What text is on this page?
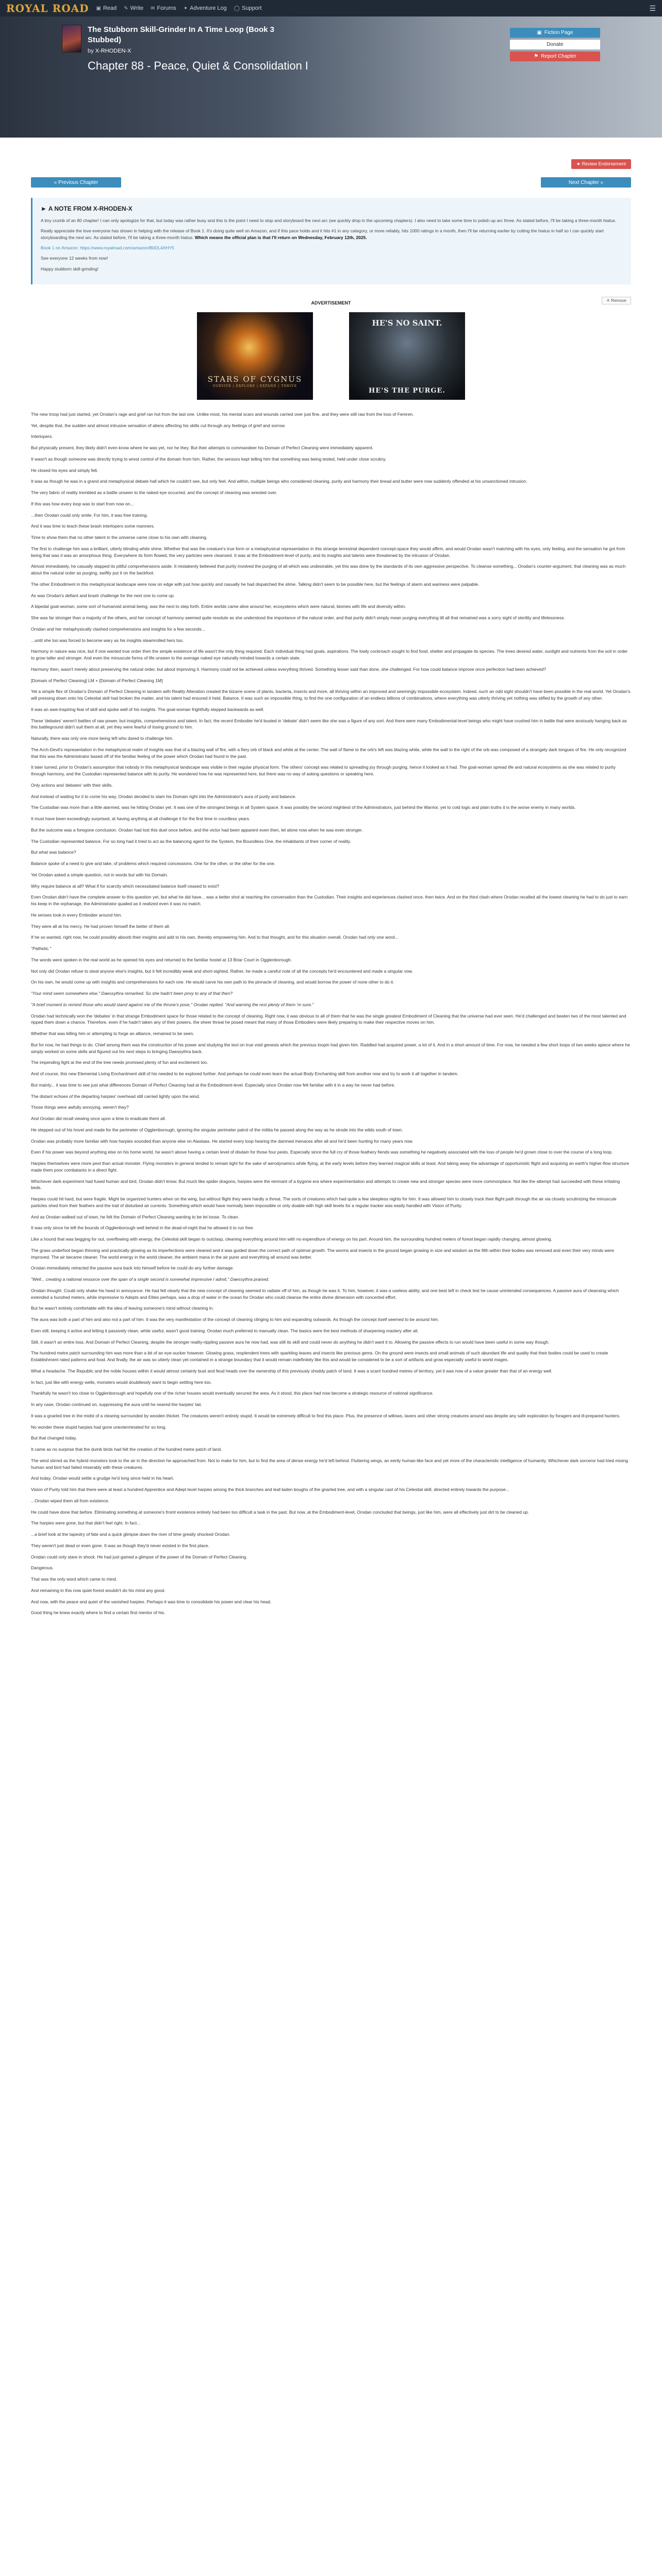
ROYAL ROAD ▣ Read ✎ Write ✉ Forums ✦ Adventure Log ◯ Support	☰
The Stubborn Skill-Grinder In A Time Loop (Book 3 Stubbed)
by X-RHODEN-X
Chapter 88 - Peace, Quiet & Consolidation I
▣ Fiction Page
Donate
⚑ Report Chapter
★ Review Endorsement
« Previous Chapter	Next Chapter »
► A NOTE FROM X-RHODEN-X

A tiny crumb of an 80 chapter! I can only apologize for that, but today was rather busy and this is the point I need to stop and storyboard the next arc (we quickly drop in the upcoming chapters). I also need to take some time to polish up arc three. As stated before, I'll be taking a three-month hiatus.

Really appreciate the love everyone has shown in helping with the release of Book 1. It's doing quite well on Amazon, and if this pace holds and it hits #1 in any category, or more reliably, hits 1000 ratings in a month, then I'll be returning earlier by cutting the hiatus in half so I can quickly start storyboarding the next arc. As stated before, I'll be taking a three-month hiatus. Which means the official plan is that I'll return on Wednesday, February 12th, 2025.

Book 1 on Amazon: https://www.royalroad.com/amazon/B0DL4XHY5

See everyone 12 weeks from now!

Happy stubborn skill-grinding!

ADVERTISEMENT	✕ Remove
STARS OF CYGNUS
SURVIVE | EXPLORE | EXPAND | THRIVE
HE'S NO SAINT.
HE'S THE PURGE.

The new troop had just started, yet Orodan's rage and grief ran hot from the last one. Unlike most, his mental scars and wounds carried over just fine, and they were still raw from the loss of Femren.

Yet, despite that, the sudden and almost intrusive sensation of aliens affecting his skills cut through any feelings of grief and sorrow.

Interlopers.

But physically present, they likely didn't even know where he was yet, nor he they. But their attempts to commandeer his Domain of Perfect Cleaning were immediately apparent.

It wasn't as though someone was directly trying to wrest control of the domain from him. Rather, the sensors kept telling him that something was being tested, held under close scrutiny.

He closed his eyes and simply felt.

It was as though he was in a grand and metaphysical debate hall which he couldn't see, but only feel. And within, multiple beings who considered cleaning, purity and harmony their bread and butter were now suddenly offended at his unsanctioned intrusion.

The very fabric of reality trembled as a battle unseen to the naked eye occurred, and the concept of cleaning was wrested over.

If this was how every loop was to start from now on...

...then Orodan could only smile. For him, it was free training.

And it was time to teach these brash interlopers some manners.

Time to show them that no other talent in the universe came close to his own with cleaning.

The first to challenge him was a brilliant, utterly blinding white shine. Whether that was the creature's true form or a metaphysical representation in this strange terrestrial dependent concept-space they would affirm, and would Orodan wasn't matching with his eyes, only feeling, and the sensation he got from being that was it was an amorphous thing. Everywhere its form flowed, the very particles were cleansed. It was at the Embodiment-level of purity, and its insights and talents were threatened by the intrusion of Orodan.

Almost immediately, he casually slapped its pitiful comprehensions aside. It mistakenly believed that purity involved the purging of all which was undesirable, yet this was done by the standards of its own aggressive perspective. To cleanse something... Orodan's counter-argument, that cleaning was as much about the natural order as purging, swiftly put it on the backfoot.

The other Embodiment in this metaphysical landscape were now on edge with just how quickly and casually he had dispatched the slime. Talking didn't seem to be possible here, but the feelings of alarm and wariness were palpable.

As was Orodan's defiant and brash challenge for the next one to come up.

A bipedal goat-woman, some sort of humanoid animal being, was the next to step forth. Entire worlds came alive around her, ecosystems which were natural, biomes with life and diversity within.

She was far stronger than a majority of the others, and her concept of harmony seemed quite resolute as she understood the importance of the natural order, and that purity didn't simply mean purging everything till all that remained was a sorry sight of sterility and lifelessness.

Orodan and her metaphysically clashed comprehensions and insights for a few seconds...

...until she too was forced to become wary as his insights steamrolled hers too.

Harmony in nature was nice, but if one wanted true order then the simple existence of life wasn't the only thing required. Each individual thing had goals, aspirations. The lowly cockroach sought to find food, shelter and propagate its species. The trees desired water, sunlight and nutrients from the soil in order to grow taller and stronger. And even the minuscule forms of life unseen to the average naked eye naturally minded towards a certain state.

Harmony then, wasn't merely about preserving the natural order, but about improving it. Harmony could not be achieved unless everything thrived. Something lesser said than done, she challenged. For how could balance improve once perfection had been achieved?

[Domain of Perfect Cleaning] LM + [Domain of Perfect Cleaning 1M]

Yet a simple flex of Orodan's Domain of Perfect Cleaning in tandem with Reality Alteration created the bizarre scene of plants, bacteria, insects and more, all thriving within an improved and seemingly impossible ecosystem. Indeed, such an odd sight shouldn't have been possible in the real world. Yet Orodan's will pressing down onto his Celestial skill had broken the matter, and his talent had ensured it held. Balance. It was such an impossible thing, to find the one configuration of an endless billions of combinations, where everything was utterly thriving yet nothing was stifled by the growth of any other.

It was an awe-inspiring feat of skill and spoke well of his insights. The goat-woman frightfully stepped backwards as well.

These 'debates' weren't battles of raw power, but insights, comprehensions and talent. In fact, the recent Embodier he'd busted in 'debate' didn't seem like she was a figure of any sort. And there were many Embodimental-level beings who might have crushed him in battle that were anxiously hanging back as this battleground didn't suit them at all, yet they were fearful of losing ground to him.

Naturally, there was only one more being left who dared to challenge him.

The Arch-Devil's representation in the metaphysical realm of insights was that of a blazing wall of fire, with a fiery orb of black and white at the center. The wall of flame to the orb's left was blazing white, while the wall to the right of the orb was composed of a strangely dark tongues of fire. He only recognized that this was the Administrator based off of the familiar feeling of the power which Orodan had found in the past.

It later turned, prior to Orodan's assumption that nobody in this metaphysical landscape was visible in their regular physical form. The others' concept was related to spreading joy through purging, hence it looked as it had. The goat-woman spread life and natural ecosystems as she was related to purity through harmony, and the Custodian represented balance with its purity. He wondered how he was represented here, but there was no way of asking questions or speaking here.

Only actions and 'debates' with their skills.

And instead of waiting for it to come his way, Orodan decided to slam his Domain right into the Administrator's aura of purity and balance.

The Custodian was more than a little alarmed, was he hitting Orodan yet. It was one of the strongest beings in all System space. It was possibly the second mightiest of the Administrators, just behind the Warrior, yet to cold logic and plain truths it is the worse enemy in many worlds.

It must have been exceedingly surprised, at having anything at all challenge it for the first time in countless years.

But the outcome was a foregone conclusion. Orodan had lost this duel once before, and the victor had been apparent even then, let alone now when he was even stronger.

The Custodian represented balance. For so long had it tried to act as the balancing agent for the System, the Boundless One, the inhabitants of their corner of reality.

But what was balance?

Balance spoke of a need to give and take, of problems which required concessions. One for the other, or the other for the one.

Yet Orodan asked a simple question, not in words but with his Domain.

Why require balance at all? What if for scarcity which necessitated balance itself ceased to exist?

Even Orodan didn't have the complete answer to this question yet, but what he did have... was a better shot at reaching the conversation than the Custodian. Their insights and experiences clashed once, then twice. And on the third clash where Orodan recalled all the lowest cleaning he had to do just to earn his keep in the orphanage, the Administrator quailed as it realized even it was no match.

He senses took in every Embodier around him.

They were all at his mercy. He had proven himself the better of them all.

If he so wanted, right now, he could possibly absorb their insights and add to his own, thereby empowering him. And to that thought, and for this situation overall, Orodan had only one word...

"Pathetic."

The words were spoken in the real world as he opened his eyes and returned to the familiar hostel at 13 Briar Court in Ogglenborough.

Not only did Orodan refuse to steal anyone else's insights, but it felt incredibly weak and short-sighted. Rather, he made a careful note of all the concepts he'd encountered and made a singular vow.

On his own, he would come up with insights and comprehensions for each one. He would carve his own path to the pinnacle of cleaning, and would borrow the power of none other to do it.

"Your mind seem somewhere else," Daessythra remarked. So she hadn't been privy to any of that then?

"A brief moment to remind those who would stand against me of the throne's pose," Orodan replied. "And warning the rest plenty of them 'm sure."

Orodan had technically won the 'debates' in that strange Embodiment space for those related to the concept of cleaning. Right now, it was obvious to all of them that he was the single greatest Embodiment of Cleaning that the universe had ever seen. He'd challenged and beaten two of the most talented and ripped them down a chance. Therefore, even if he hadn't taken any of their powers, the sheer threat he posed meant that many of those Embodiers were likely preparing to make their respective moves on him.

Whether that was killing him or attempting to forge an alliance, remained to be seen.

But for now, he had things to do. Chief among them was the construction of his power and studying the text on true void genesis which the previous loopin had given him. Raddled had acquired power, a lot of it. And in a short amount of time. For now, he needed a few short loops of two weeks apiece where he simply worked on some skills and figured out his next steps to bringing Daessythra back.

The impending fight at the end of the tree needs promised plenty of fun and excitement too.

And of course, this new Elemental Living Enchantment skill of his needed to be explored further. And perhaps he could even learn the actual Body Enchanting skill from another now and try to work it all together in tandem.

But mainly... it was time to see just what differences Domain of Perfect Cleaning had at the Embodiment-level. Especially since Orodan now felt familiar with it in a way he never had before.

The distant echoes of the departing harpies' overhead still carried lightly upon the wind.

Those things were awfully annoying, weren't they?

And Orodan did recall viewing once upon a time to eradicate them all.

He stepped out of his hovel and made for the perimeter of Ogglenborough, ignoring the singular perimeter patrol of the militia he passed along the way as he strode into the wilds south of town.

Orodan was probably more familiar with how harpies sounded than anyone else on Alastaas. He started every loop hearing the damned menaces after all and he'd been hunting for many years now.

Even if his power was beyond anything else on his home world, he wasn't above having a certain level of disdain for those four pests. Especially since the full cry of those feathery fiends was something he negatively associated with the loss of people he'd grown close to over the course of a long loop.

Harpies themselves were more pest than actual monster. Flying monsters in general tended to remain light for the sake of aerodynamics while flying, at the early levels before they learned magical skills at least. And taking away the advantage of opportunistic flight and acquiring an earth's higher-flow structure made them poor combatants in a direct fight.

Whichever dark experiment had fused human and bird, Orodan didn't know. But much like spider dragons, harpies were the remnant of a bygone era where experimentation and attempts to create new and stronger species were more commonplace. Not like the attempt had succeeded with these irritating beds.

Harpies could hit hard, but were fragile. Might be organized hunters when on the wing, but without flight they were hardly a threat. The sorts of creatures which had quite a few sleepless nights for him. It was allowed him to closely track their flight path through the air via closely scrutinizing the minuscule particles shed from their feathers and the trail of disturbed air currents. Something which would have normally been impossible or only doable with high skill levels for a regular tracker was easily handled with Vision of Purity.

And as Orodan walked out of town, he felt the Domain of Perfect Cleaning wanting to be let loose. To clean.

It was only since he left the bounds of Ogglenborough well behind in the dead-of-night that he allowed it to run free.

Like a hound that was begging for out, overflowing with energy, the Celestial skill began to outclasp, cleaning everything around him with no expenditure of energy on his part. Around him, the surrounding hundred meters of forest began rapidly changing, almost glowing.

The grass underfoot began thinning and practically glowing as its imperfections were cleaned and it was guided down the correct path of optimal growth. The worms and insects in the ground began growing in size and wisdom as the filth within their bodies was removed and even their very minds were improved. The air became cleaner. The world energy in the world cleaner, the ambient mana in the air purer and everything all around was better.

Orodan immediately retracted the passive aura back into himself before he could do any further damage.

"Well... creating a national resource over the span of a single second is somewhat impressive I admit," Daessythra praised.

Orodan thought. Could only shake his head in annoyance. He had felt clearly that the new concept of cleaning seemed to radiate off of him, as though he was it. To him, however, it was a useless ability, and one best left in check lest he cause unintended consequences. A passive aura of cleansing which extended a hundred meters, while impressive to Adepts and Elites perhaps, was a drop of water in the ocean for Orodan who could cleanse the entire divine dimension with concerted effort.

But he wasn't entirely comfortable with the idea of leaving someone's mind without cleaning in.

The aura was both a part of him and also not a part of him. It was the very manifestation of the concept of cleaning clinging to him and expanding outwards. As though the concept itself seemed to be around him.

Even still, keeping it active and letting it passively clean, while useful, wasn't good training. Orodan much preferred to manually clean. The basics were the best methods of sharpening mastery after all.

Still, it wasn't an entire loss. And Domain of Perfect Cleaning, despite the stronger reality-rippling passive aura he now had, was still its skill and could never do anything he didn't want it to. Allowing the passive effects to run would have been useful in some way though.

The hundred metre patch surrounding him was more than a bit of an eye-sucker however. Glowing grass, resplendent trees with sparkling leaves and insects like precious gems. On the ground were insects and small animals of such abundant life and quality that their bodies could be used to create Establishment rated patterns and food. And finally, the air was so utterly clean yet contained in a strange boundary that it would remain indefinitely like this and would be considered to be a sort of artifacts and grow especially useful to world mages.

What a headache. The Republic and the noble houses within it would almost certainly bust and feud heads over the ownership of this previously shoddy patch of land. It was a scant hundred metres of territory, yet it was now of a value greater than that of an energy well.

In fact, just like with energy wells, monsters would doubtlessly want to begin settling here too.

Thankfully he wasn't too close to Ogglenborough and hopefully one of the richer houses would eventually secured the area. As it stood, this place had now become a strategic resource of national significance.

In any case, Orodan continued on, suppressing the aura until he neared the harpies' lair.

It was a gnarled tree in the midst of a clearing surrounded by wooden thicket. The creatures weren't entirely stupid. It would be extremely difficult to find this place. Plus, the presence of willows, lavers and other strong creatures around was despite any safe exploration by foragers and ill-prepared hunters.

No wonder these stupid harpies had gone unexterminated for so long.

But that changed today.

It came as no surprise that the dumb birds had felt the creation of the hundred metre patch of land.

The wind stirred as the hybrid monsters took to the air in the direction he approached from. Not to make for him, but to find the area of dense energy he'd left behind. Fluttering wings, an eerily human-like face and yet more of the characteristic intelligence of humanity. Whichever dark sorceror had tried mixing human and bird had failed miserably with these creatures.

And today, Orodan would settle a grudge he'd long since held in his heart.

Vision of Purity told him that there were at least a hundred Apprentice and Adept level harpies among the thick branches and leaf-laden boughs of the gnarled tree, and with a singular cast of his Celestial skill, directed entirely towards the purpose...

...Orodan wiped them all from existence.

He could have done that before. Eliminating something at someone's fromt existence entirely had been too difficult a task in the past. But now, at the Embodiment-level, Orodan concluded that beings, just like him, were all effectively just dirt to be cleaned up.

The harpies were gone, but that didn't feel right. In fact...

...a brief look at the tapestry of fate and a quick glimpse down the river of time greatly shocked Orodan.

They weren't just dead or even gone. It was as though they'd never existed in the first place.

Orodan could only stare in shock. He had just gained a glimpse of the power of the Domain of Perfect Cleaning.

Dangerous.

That was the only word which came to mind.

And remaining in this now quiet forest wouldn't do his mind any good.

And now, with the peace and quiet of the vanished harpies. Perhaps it was time to consolidate his power and clear his head.

Good thing he knew exactly where to find a certain first mentor of his.
